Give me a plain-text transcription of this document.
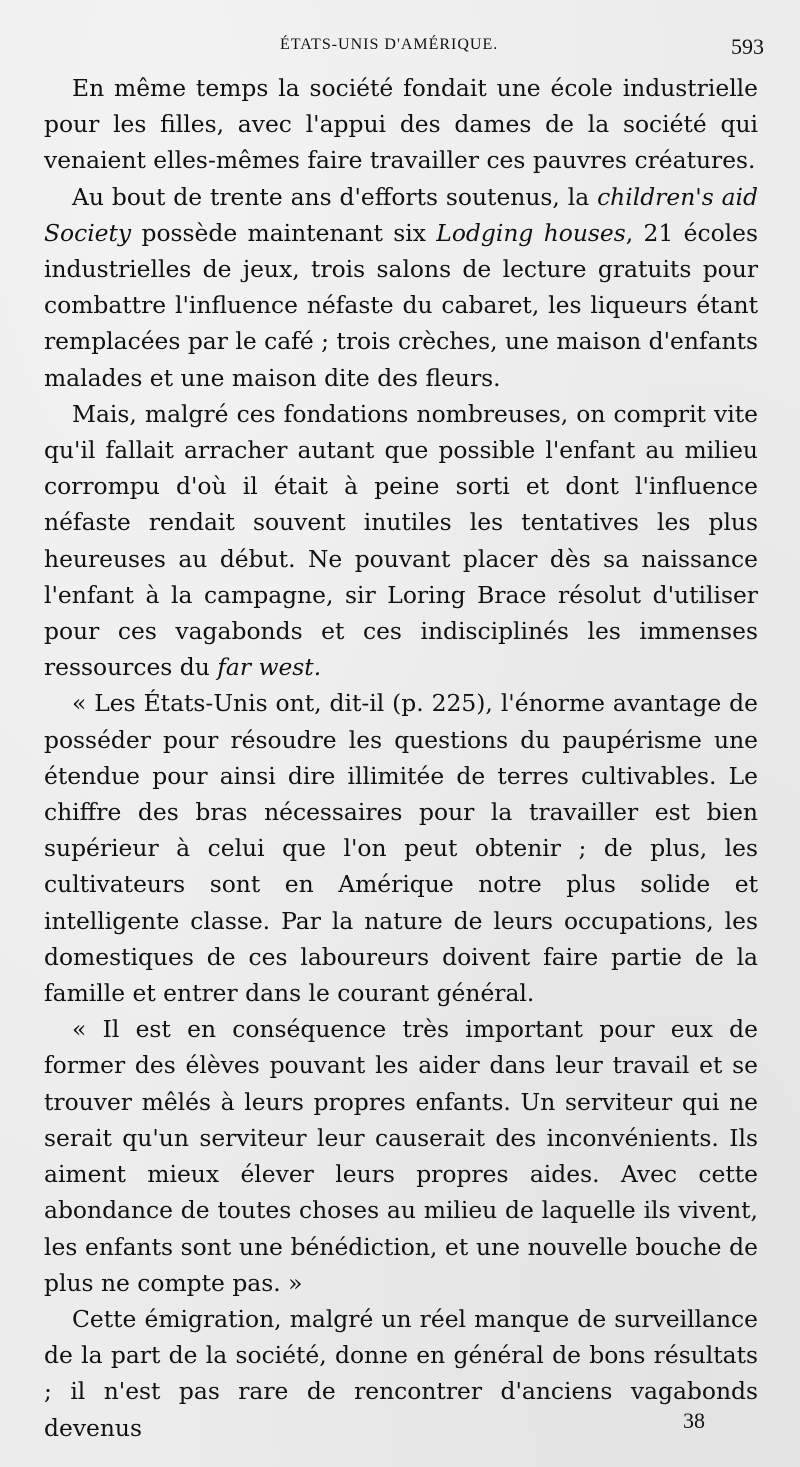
ÉTATS-UNIS D'AMÉRIQUE.	593

En même temps la société fondait une école industrielle pour les filles, avec l'appui des dames de la société qui venaient elles-mêmes faire travailler ces pauvres créatures.

Au bout de trente ans d'efforts soutenus, la children's aid Society possède maintenant six Lodging houses, 21 écoles industrielles de jeux, trois salons de lecture gratuits pour combattre l'influence néfaste du cabaret, les liqueurs étant remplacées par le café ; trois crèches, une maison d'enfants malades et une maison dite des fleurs.

Mais, malgré ces fondations nombreuses, on comprit vite qu'il fallait arracher autant que possible l'enfant au milieu corrompu d'où il était à peine sorti et dont l'influence néfaste rendait souvent inutiles les tentatives les plus heureuses au début. Ne pouvant placer dès sa naissance l'enfant à la campagne, sir Loring Brace résolut d'utiliser pour ces vagabonds et ces indisciplinés les immenses ressources du far west.

« Les États-Unis ont, dit-il (p. 225), l'énorme avantage de posséder pour résoudre les questions du paupérisme une étendue pour ainsi dire illimitée de terres cultivables. Le chiffre des bras nécessaires pour la travailler est bien supérieur à celui que l'on peut obtenir ; de plus, les cultivateurs sont en Amérique notre plus solide et intelligente classe. Par la nature de leurs occupations, les domestiques de ces laboureurs doivent faire partie de la famille et entrer dans le courant général.

« Il est en conséquence très important pour eux de former des élèves pouvant les aider dans leur travail et se trouver mêlés à leurs propres enfants. Un serviteur qui ne serait qu'un serviteur leur causerait des inconvénients. Ils aiment mieux élever leurs propres aides. Avec cette abondance de toutes choses au milieu de laquelle ils vivent, les enfants sont une bénédiction, et une nouvelle bouche de plus ne compte pas. »

Cette émigration, malgré un réel manque de surveillance de la part de la société, donne en général de bons résultats ; il n'est pas rare de rencontrer d'anciens vagabonds devenus	38
